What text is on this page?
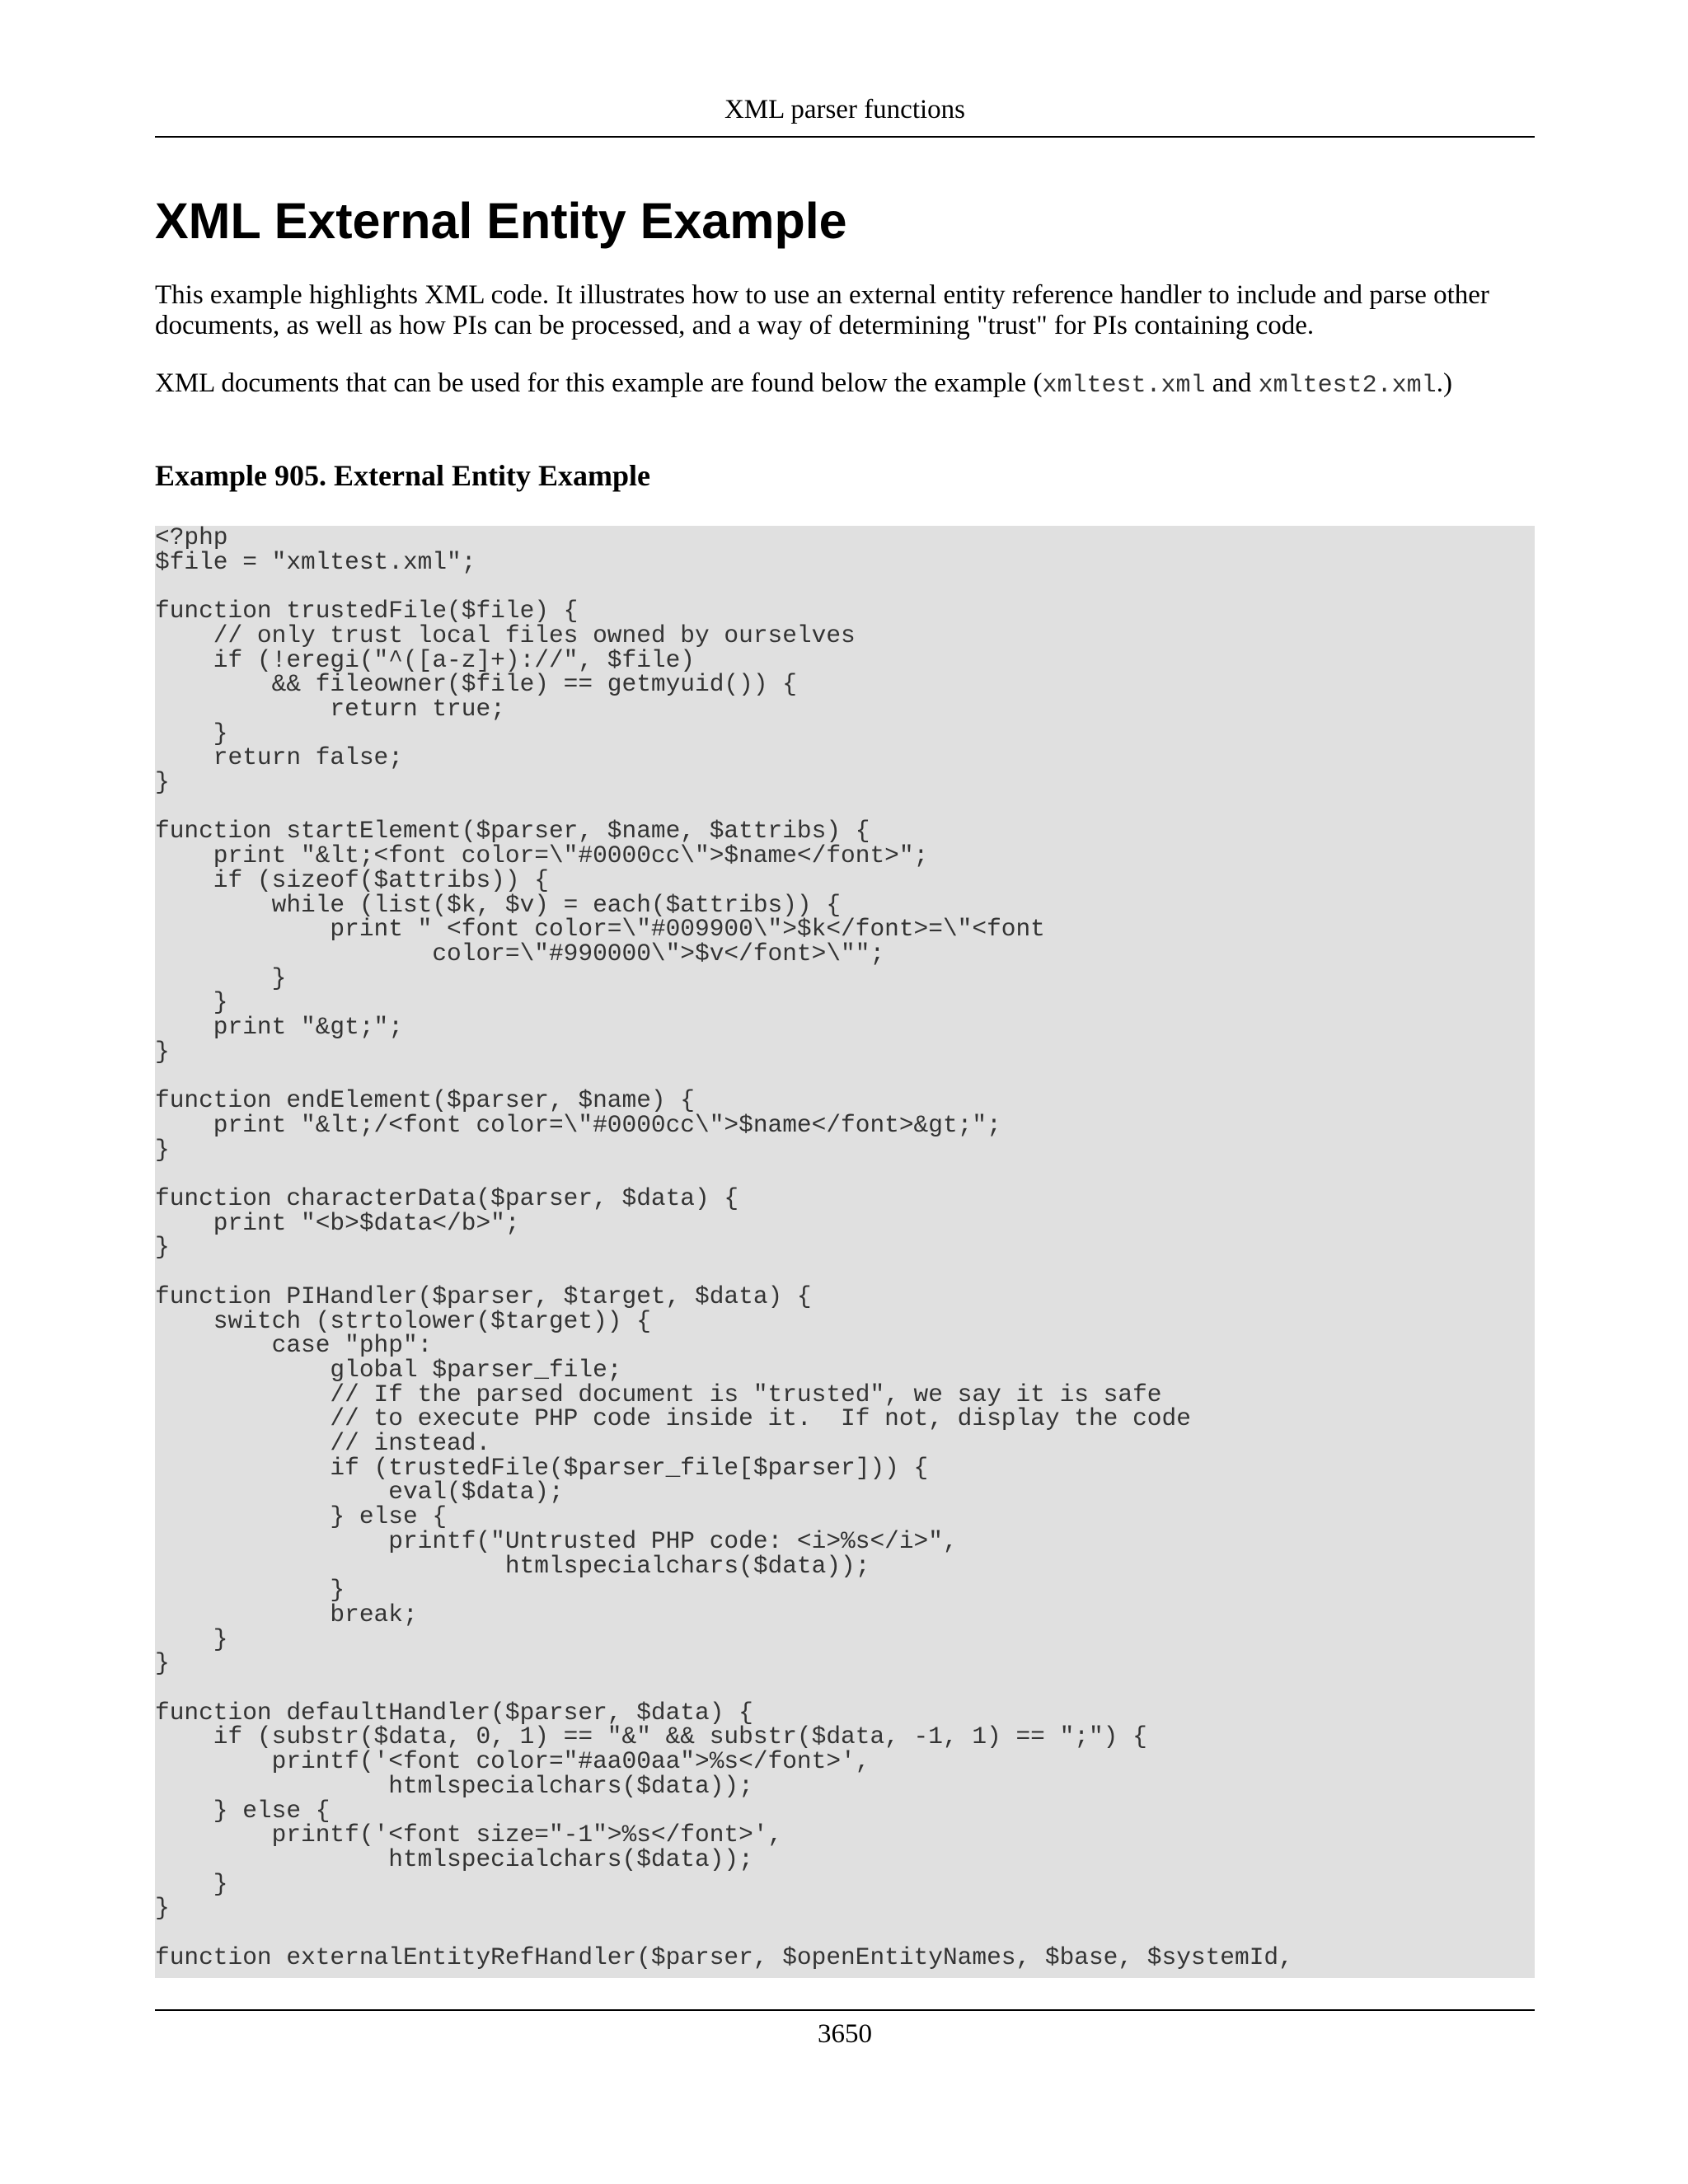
XML parser functions
XML External Entity Example

This example highlights XML code. It illustrates how to use an external entity reference handler to include and parse other documents, as well as how PIs can be processed, and a way of determining "trust" for PIs containing code.

XML documents that can be used for this example are found below the example (xmltest.xml and xmltest2.xml.)

Example 905. External Entity Example
<?php
$file = "xmltest.xml";

function trustedFile($file) {
// only trust local files owned by ourselves
if (!eregi("^([a-z]+)://", $file)
&& fileowner($file) == getmyuid()) {
return true;
}
return false;
}

function startElement($parser, $name, $attribs) {
print "&lt;<font color=\"#0000cc\">$name</font>";
if (sizeof($attribs)) {
while (list($k, $v) = each($attribs)) {
print " <font color=\"#009900\">$k</font>=\"<font
color=\"#990000\">$v</font>\"";
}
}
print "&gt;";
}

function endElement($parser, $name) {
print "&lt;/<font color=\"#0000cc\">$name</font>&gt;";
}

function characterData($parser, $data) {
print "<b>$data</b>";
}

function PIHandler($parser, $target, $data) {
switch (strtolower($target)) {
case "php":
global $parser_file;
// If the parsed document is "trusted", we say it is safe
// to execute PHP code inside it.  If not, display the code
// instead.
if (trustedFile($parser_file[$parser])) {
eval($data);
} else {
printf("Untrusted PHP code: <i>%s</i>",
htmlspecialchars($data));
}
break;
}
}

function defaultHandler($parser, $data) {
if (substr($data, 0, 1) == "&" && substr($data, -1, 1) == ";") {
printf('<font color="#aa00aa">%s</font>',
htmlspecialchars($data));
} else {
printf('<font size="-1">%s</font>',
htmlspecialchars($data));
}
}

function externalEntityRefHandler($parser, $openEntityNames, $base, $systemId,
3650
